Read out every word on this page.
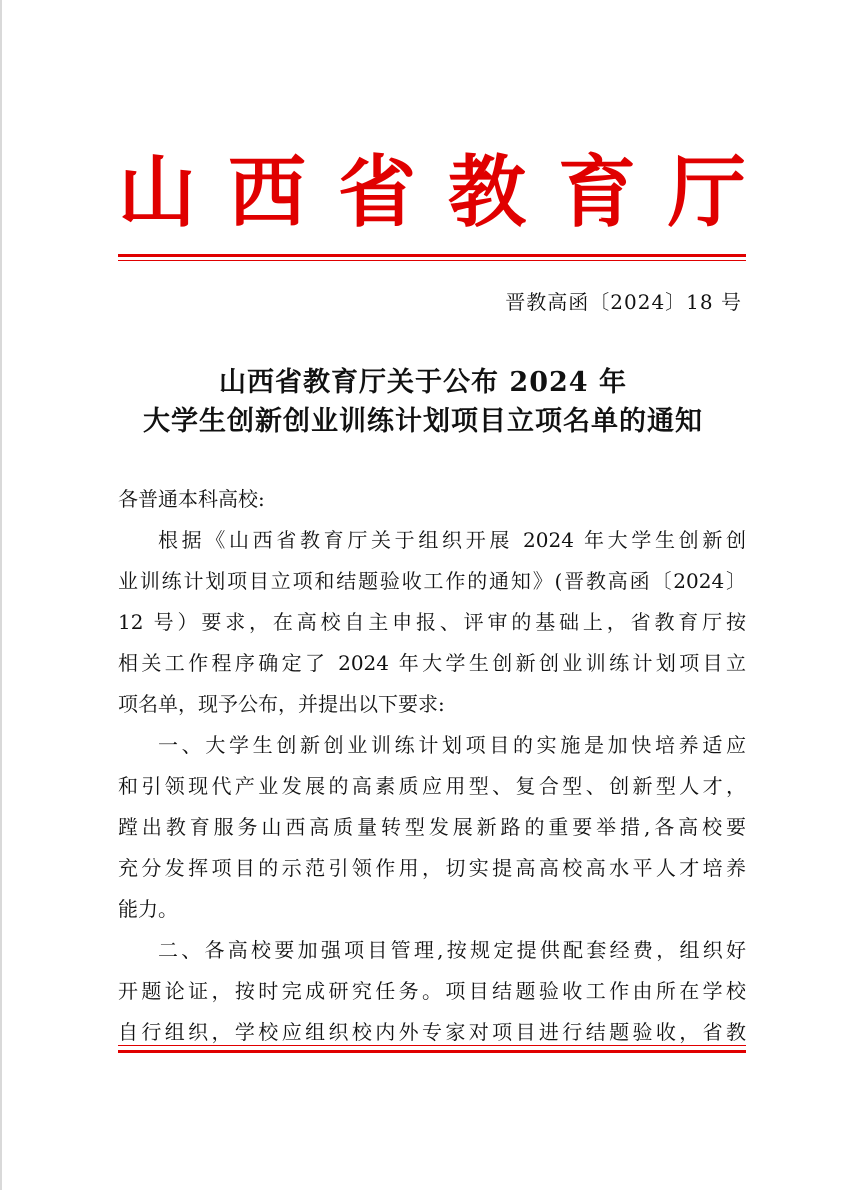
山 西 省 教 育 厅
晋教高函〔2024〕18 号
山西省教育厅关于公布 2024 年
大学生创新创业训练计划项目立项名单的通知
各普通本科高校:
根据《山西省教育厅关于组织开展 2024 年大学生创新创
业训练计划项目立项和结题验收工作的通知》(晋教高函〔2024〕
12 号）要求，在高校自主申报、评审的基础上，省教育厅按
相关工作程序确定了 2024 年大学生创新创业训练计划项目立
项名单，现予公布，并提出以下要求:
一、大学生创新创业训练计划项目的实施是加快培养适应
和引领现代产业发展的高素质应用型、复合型、创新型人才，
蹚出教育服务山西高质量转型发展新路的重要举措,各高校要
充分发挥项目的示范引领作用，切实提高高校高水平人才培养
能力。
二、各高校要加强项目管理,按规定提供配套经费，组织好
开题论证，按时完成研究任务。项目结题验收工作由所在学校
自行组织，学校应组织校内外专家对项目进行结题验收，省教
